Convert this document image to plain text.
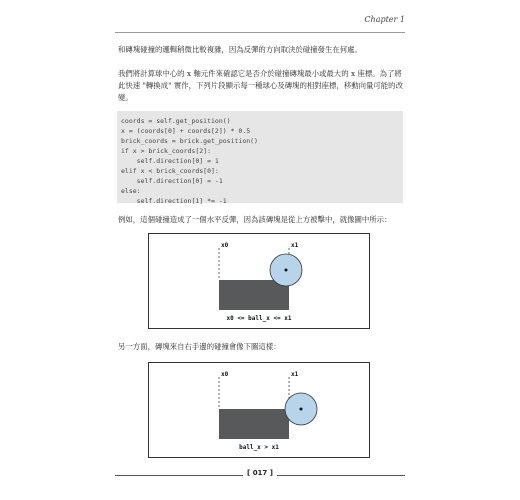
Chapter 1

和磚塊碰撞的邏輯稍微比較複雜，因為反彈的方向取決於碰撞發生在何處。

我們將計算球中心的 x 軸元件來確認它是否介於碰撞磚塊最小或最大的 x 座標。為了將此快速 "轉換成" 實作，下列片段顯示每一種球心及磚塊的相對座標，移動向量可能的改變。

coords = self.get_position()
x = (coords[0] + coords[2]) * 0.5
brick_coords = brick.get_position()
if x > brick_coords[2]:
self.direction[0] = 1
elif x < brick_coords[0]:
self.direction[0] = -1
else:
self.direction[1] *= -1

例如，這個碰撞造成了一個水平反彈，因為該磚塊是從上方被擊中，就像圖中所示：

x0	x1
x0 <= ball_x <= x1

另一方面，磚塊來自右手邊的碰撞會像下圖這樣：

x0	x1
ball_x > x1
[ 017 ]
